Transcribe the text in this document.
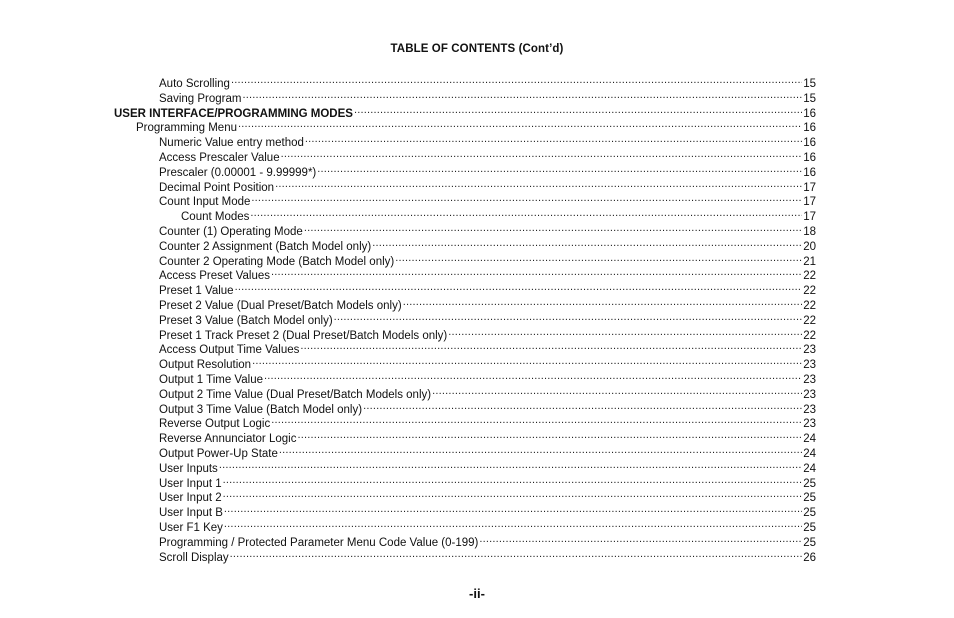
TABLE OF CONTENTS (Cont’d)
Auto Scrolling .....	15
Saving Program .....	15
USER INTERFACE/PROGRAMMING MODES .....	16
Programming Menu .....	16
Numeric Value entry method .....	16
Access Prescaler Value .....	16
Prescaler (0.00001 - 9.99999*) .....	16
Decimal Point Position .....	17
Count Input Mode .....	17
Count Modes .....	17
Counter (1) Operating Mode .....	18
Counter 2 Assignment (Batch Model only) .....	20
Counter 2 Operating Mode (Batch Model only) .....	21
Access Preset Values .....	22
Preset 1 Value .....	22
Preset 2 Value (Dual Preset/Batch Models only) .....	22
Preset 3 Value (Batch Model only) .....	22
Preset 1 Track Preset 2 (Dual Preset/Batch Models only) .....	22
Access Output Time Values .....	23
Output Resolution .....	23
Output 1 Time Value .....	23
Output 2 Time Value (Dual Preset/Batch Models only) .....	23
Output 3 Time Value (Batch Model only) .....	23
Reverse Output Logic .....	23
Reverse Annunciator Logic .....	24
Output Power-Up State .....	24
User Inputs .....	24
User Input 1 .....	25
User Input 2 .....	25
User Input B .....	25
User F1 Key .....	25
Programming / Protected Parameter Menu Code Value (0-199) .....	25
Scroll Display .....	26
-ii-
